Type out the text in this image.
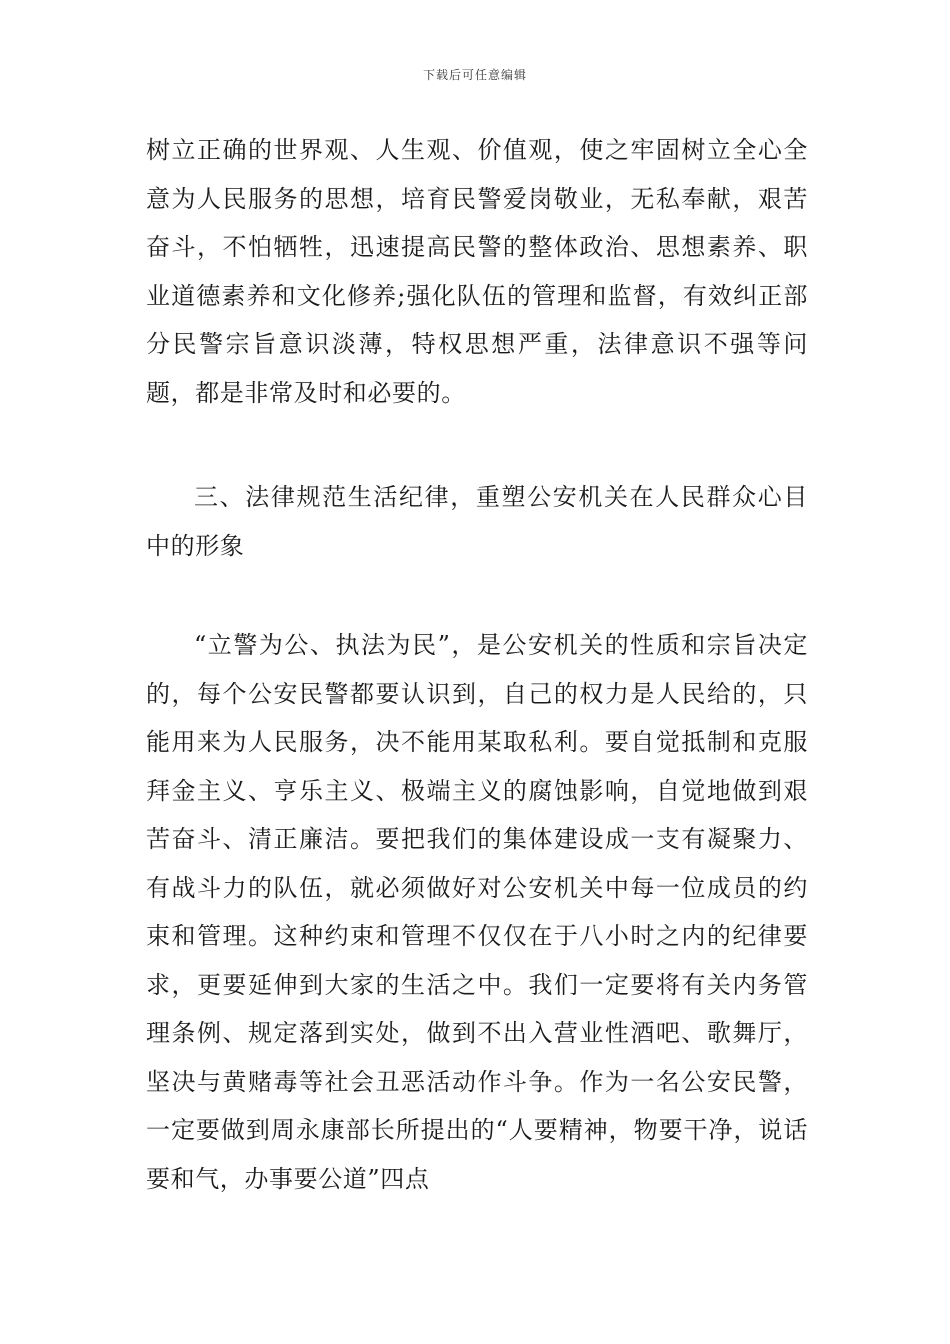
下载后可任意编辑

树立正确的世界观、人生观、价值观，使之牢固树立全心全意为人民服务的思想，培育民警爱岗敬业，无私奉献，艰苦奋斗，不怕牺牲，迅速提高民警的整体政治、思想素养、职业道德素养和文化修养;强化队伍的管理和监督，有效纠正部分民警宗旨意识淡薄，特权思想严重，法律意识不强等问题，都是非常及时和必要的。

三、法律规范生活纪律，重塑公安机关在人民群众心目中的形象

“立警为公、执法为民”，是公安机关的性质和宗旨决定的，每个公安民警都要认识到，自己的权力是人民给的，只能用来为人民服务，决不能用某取私利。要自觉抵制和克服拜金主义、亨乐主义、极端主义的腐蚀影响，自觉地做到艰苦奋斗、清正廉洁。要把我们的集体建设成一支有凝聚力、有战斗力的队伍，就必须做好对公安机关中每一位成员的约束和管理。这种约束和管理不仅仅在于八小时之内的纪律要求，更要延伸到大家的生活之中。我们一定要将有关内务管理条例、规定落到实处，做到不出入营业性酒吧、歌舞厅，坚决与黄赌毒等社会丑恶活动作斗争。作为一名公安民警，一定要做到周永康部长所提出的“人要精神，物要干净，说话要和气，办事要公道”四点
